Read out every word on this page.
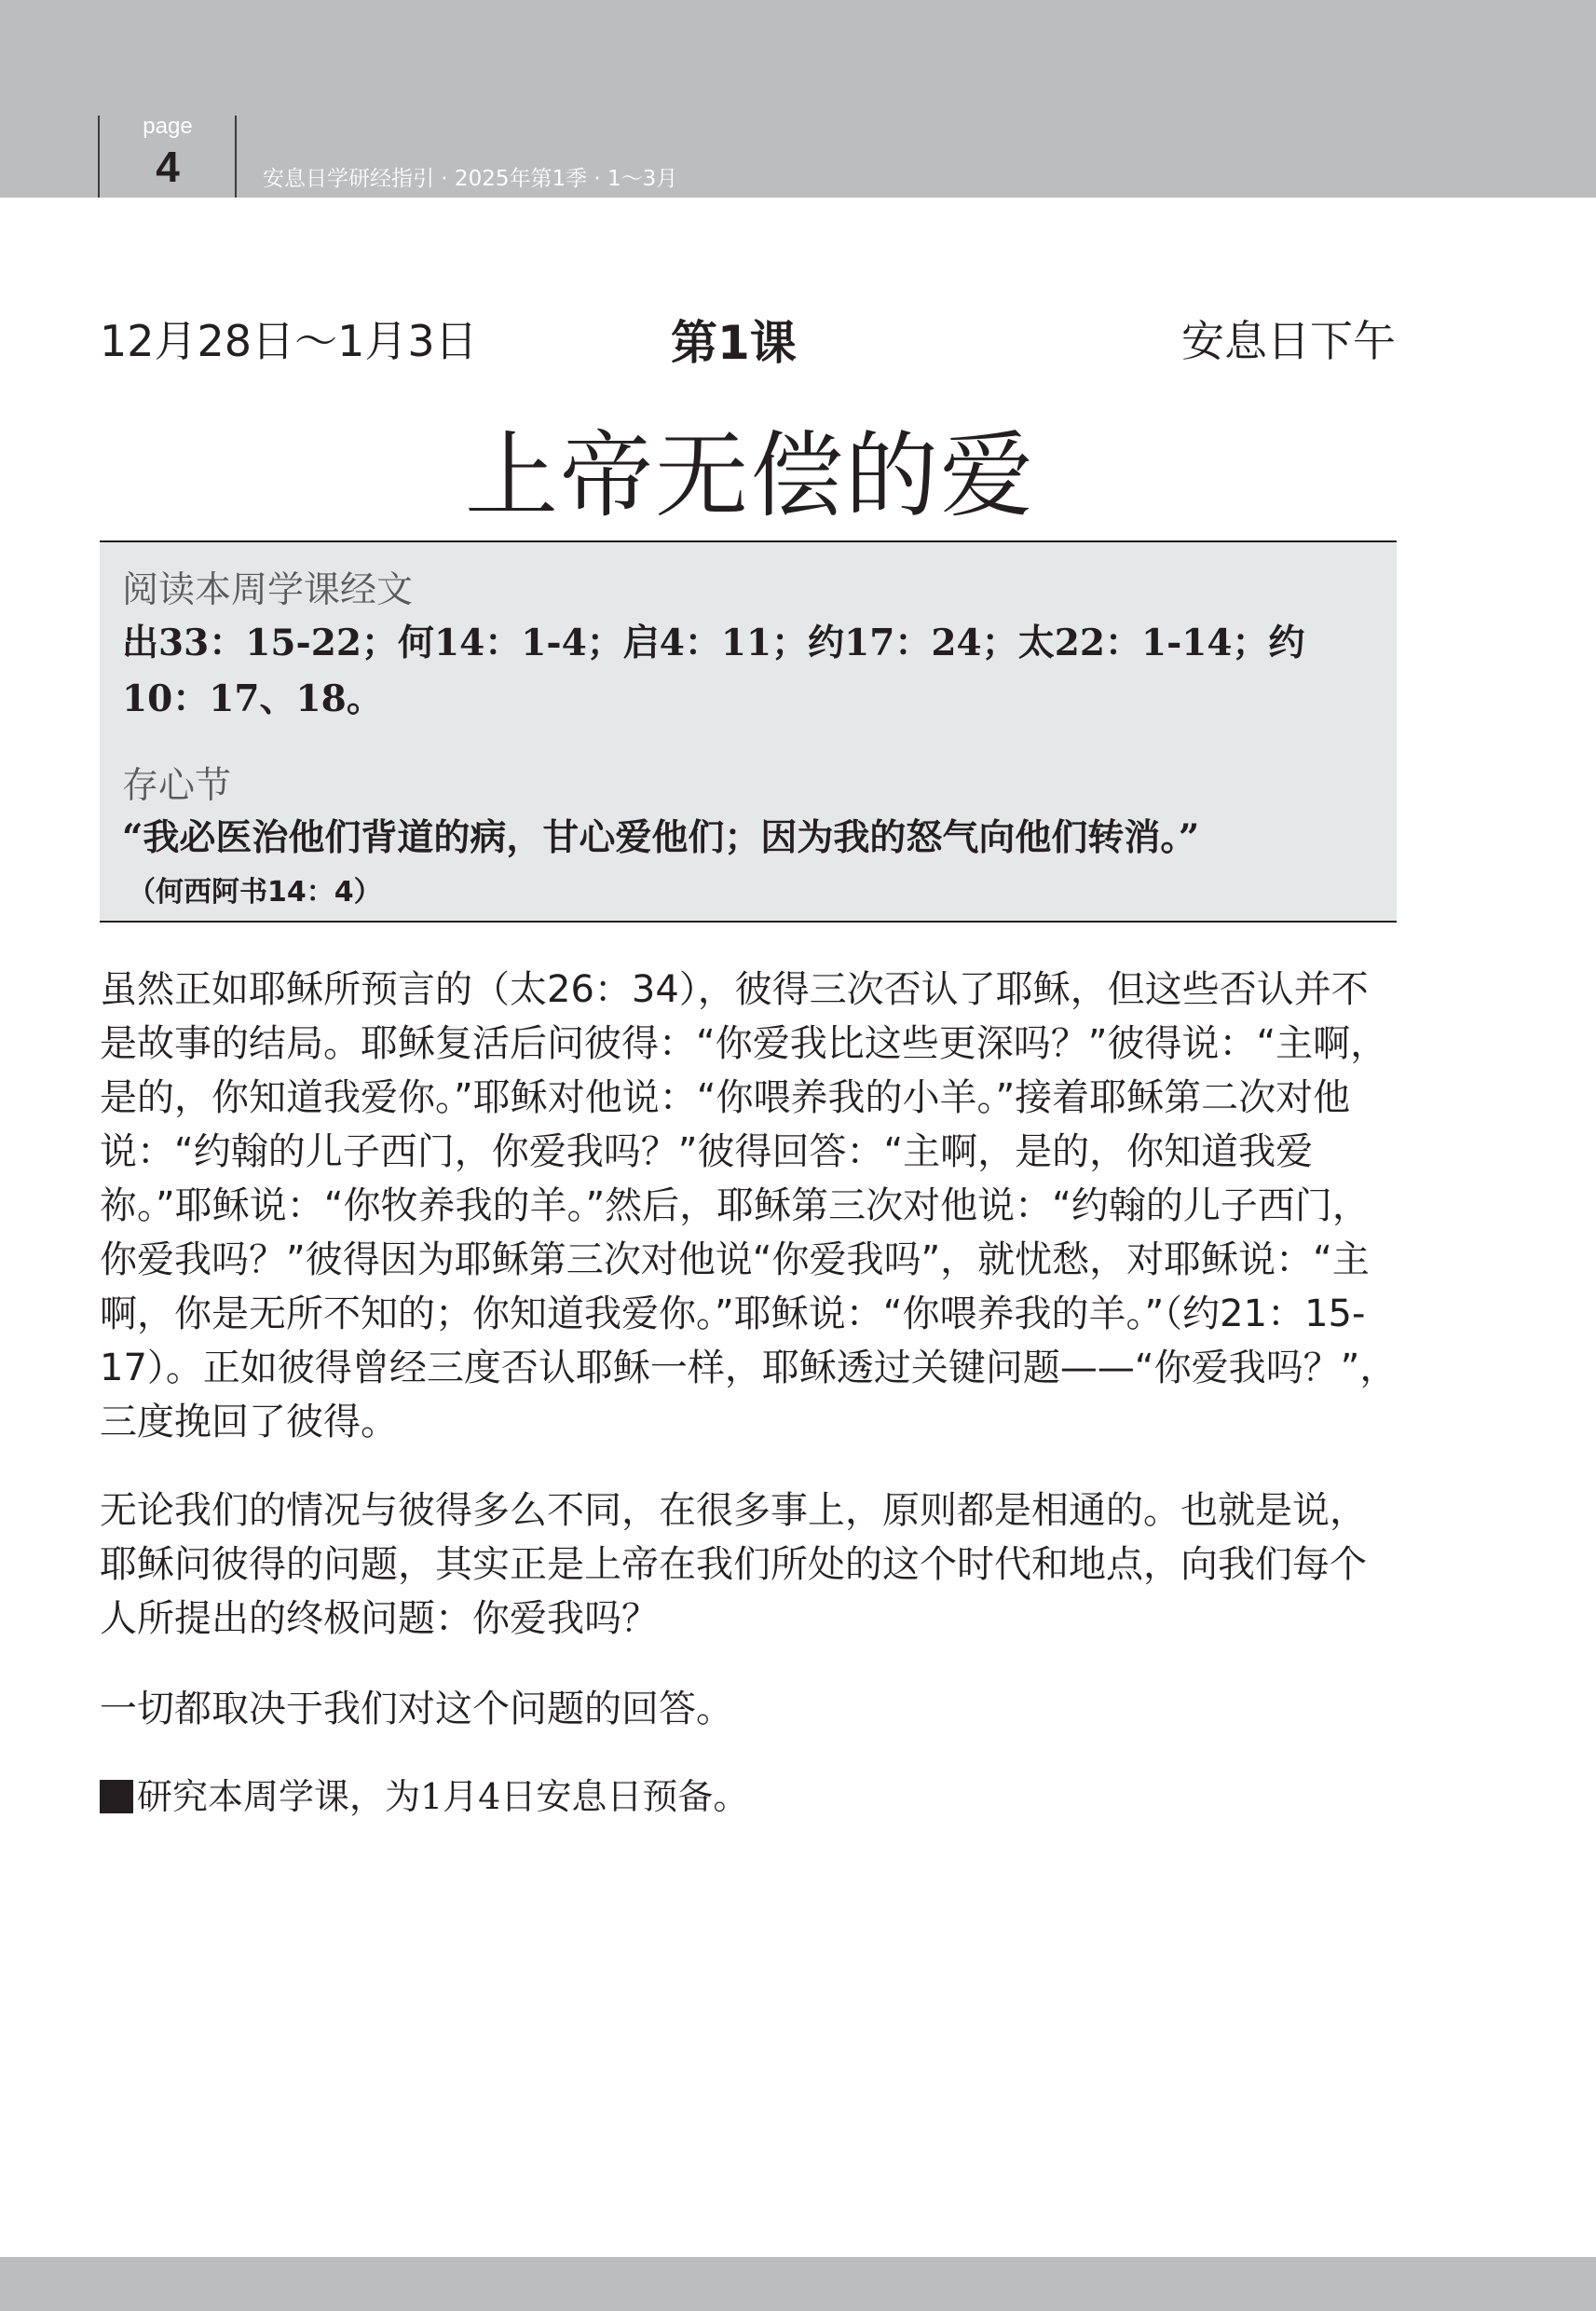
page
4	安息日学研经指引 · 2025年第1季 · 1～3月
12月28日～1月3日	第1课	安息日下午
上帝无偿的爱
阅读本周学课经文
出33：15-22；何14：1-4；启4：11；约17：24；太22：1-14；约10：17、18。
存心节
“我必医治他们背道的病，甘心爱他们；因为我的怒气向他们转消。”
（何西阿书14：4）

虽然正如耶稣所预言的（太26：34），彼得三次否认了耶稣，但这些否认并不是故事的结局。耶稣复活后问彼得：“你爱我比这些更深吗？”彼得说：“主啊，是的，你知道我爱你。”耶稣对他说：“你喂养我的小羊。”接着耶稣第二次对他说：“约翰的儿子西门，你爱我吗？”彼得回答：“主啊，是的，你知道我爱祢。”耶稣说：“你牧养我的羊。”然后，耶稣第三次对他说：“约翰的儿子西门，你爱我吗？”彼得因为耶稣第三次对他说“你爱我吗”，就忧愁，对耶稣说：“主啊，你是无所不知的；你知道我爱你。”耶稣说：“你喂养我的羊。”（约21：15-17）。正如彼得曾经三度否认耶稣一样，耶稣透过关键问题——“你爱我吗？”，三度挽回了彼得。

无论我们的情况与彼得多么不同，在很多事上，原则都是相通的。也就是说，耶稣问彼得的问题，其实正是上帝在我们所处的这个时代和地点，向我们每个人所提出的终极问题：你爱我吗？

一切都取决于我们对这个问题的回答。

研究本周学课，为1月4日安息日预备。
